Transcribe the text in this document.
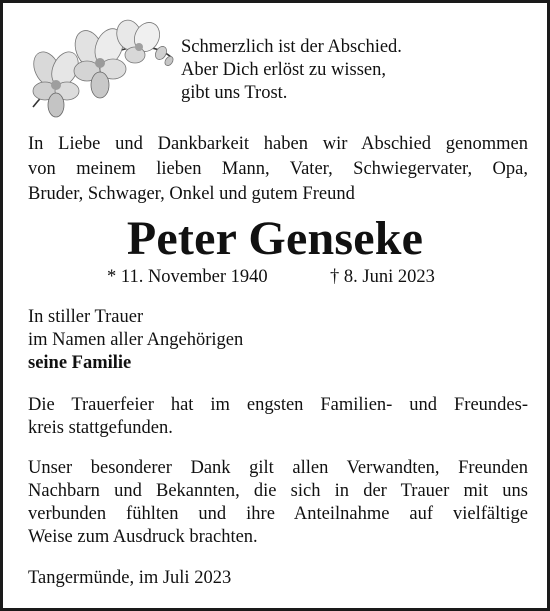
Schmerzlich ist der Abschied.
Aber Dich erlöst zu wissen,
gibt uns Trost.
In Liebe und Dankbarkeit haben wir Abschied genommen
von meinem lieben Mann, Vater, Schwiegervater, Opa,
Bruder, Schwager, Onkel und gutem Freund
Peter Genseke
* 11. November 1940	† 8. Juni 2023
In stiller Trauer
im Namen aller Angehörigen
seine Familie
Die Trauerfeier hat im engsten Familien- und Freundes-
kreis stattgefunden.
Unser besonderer Dank gilt allen Verwandten, Freunden
Nachbarn und Bekannten, die sich in der Trauer mit uns
verbunden fühlten und ihre Anteilnahme auf vielfältige
Weise zum Ausdruck brachten.
Tangermünde, im Juli 2023
